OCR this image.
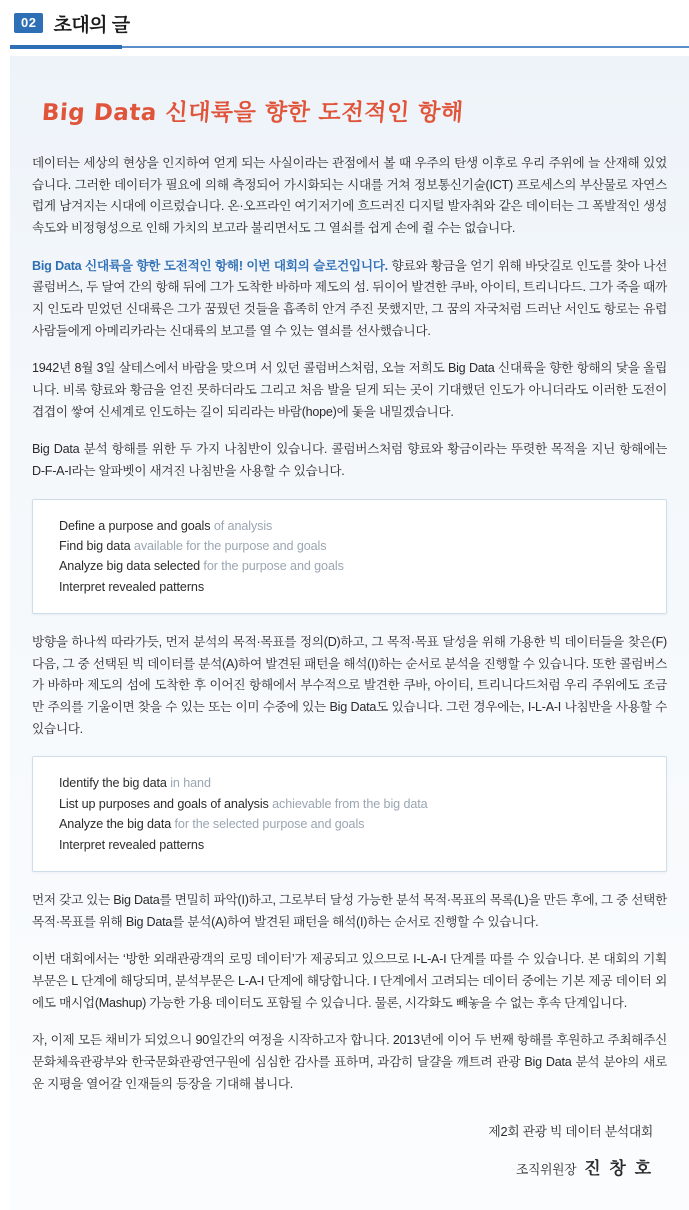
02 초대의 글
Big Data 신대륙을 향한 도전적인 항해

데이터는 세상의 현상을 인지하여 얻게 되는 사실이라는 관점에서 볼 때 우주의 탄생 이후로 우리 주위에 늘 산재해 있었습니다. 그러한 데이터가 필요에 의해 측정되어 가시화되는 시대를 거쳐 정보통신기술(ICT) 프로세스의 부산물로 자연스럽게 남겨지는 시대에 이르렀습니다. 온·오프라인 여기저기에 흐드러진 디지털 발자취와 같은 데이터는 그 폭발적인 생성 속도와 비정형성으로 인해 가치의 보고라 불리면서도 그 열쇠를 쉽게 손에 쥘 수는 없습니다.

Big Data 신대륙을 향한 도전적인 항해! 이번 대회의 슬로건입니다. 향료와 황금을 얻기 위해 바닷길로 인도를 찾아 나선 콜럼버스, 두 달여 간의 항해 뒤에 그가 도착한 바하마 제도의 섬. 뒤이어 발견한 쿠바, 아이티, 트리니다드. 그가 죽을 때까지 인도라 믿었던 신대륙은 그가 꿈꿨던 것들을 흡족히 안겨 주진 못했지만, 그 꿈의 자국처럼 드러난 서인도 항로는 유럽 사람들에게 아메리카라는 신대륙의 보고를 열 수 있는 열쇠를 선사했습니다.

1942년 8월 3일 살테스에서 바람을 맞으며 서 있던 콜럼버스처럼, 오늘 저희도 Big Data 신대륙을 향한 항해의 닻을 올립니다. 비록 향료와 황금을 얻진 못하더라도 그리고 처음 발을 딛게 되는 곳이 기대했던 인도가 아니더라도 이러한 도전이 겹겹이 쌓여 신세계로 인도하는 길이 되리라는 바람(hope)에 돛을 내밀겠습니다.

Big Data 분석 항해를 위한 두 가지 나침반이 있습니다. 콜럼버스처럼 향료와 황금이라는 뚜렷한 목적을 지닌 항해에는 D-F-A-I라는 알파벳이 새겨진 나침반을 사용할 수 있습니다.

Define a purpose and goals of analysis
Find big data available for the purpose and goals
Analyze big data selected for the purpose and goals
Interpret revealed patterns

방향을 하나씩 따라가듯, 먼저 분석의 목적·목표를 정의(D)하고, 그 목적·목표 달성을 위해 가용한 빅 데이터들을 찾은(F) 다음, 그 중 선택된 빅 데이터를 분석(A)하여 발견된 패턴을 해석(I)하는 순서로 분석을 진행할 수 있습니다. 또한 콜럼버스가 바하마 제도의 섬에 도착한 후 이어진 항해에서 부수적으로 발견한 쿠바, 아이티, 트리니다드처럼 우리 주위에도 조금만 주의를 기울이면 찾을 수 있는 또는 이미 수중에 있는 Big Data도 있습니다. 그런 경우에는, I-L-A-I 나침반을 사용할 수 있습니다.

Identify the big data in hand
List up purposes and goals of analysis achievable from the big data
Analyze the big data for the selected purpose and goals
Interpret revealed patterns

먼저 갖고 있는 Big Data를 면밀히 파악(I)하고, 그로부터 달성 가능한 분석 목적·목표의 목록(L)을 만든 후에, 그 중 선택한 목적·목표를 위해 Big Data를 분석(A)하여 발견된 패턴을 해석(I)하는 순서로 진행할 수 있습니다.

이번 대회에서는 ‘방한 외래관광객의 로밍 데이터’가 제공되고 있으므로 I-L-A-I 단계를 따를 수 있습니다. 본 대회의 기획부문은 L 단계에 해당되며, 분석부문은 L-A-I 단계에 해당합니다. I 단계에서 고려되는 데이터 중에는 기본 제공 데이터 외에도 매시업(Mashup) 가능한 가용 데이터도 포함될 수 있습니다. 물론, 시각화도 빼놓을 수 없는 후속 단계입니다.

자, 이제 모든 채비가 되었으니 90일간의 여정을 시작하고자 합니다. 2013년에 이어 두 번째 항해를 후원하고 주최해주신 문화체육관광부와 한국문화관광연구원에 심심한 감사를 표하며, 과감히 달걀을 깨트려 관광 Big Data 분석 분야의 새로운 지평을 열어갈 인재들의 등장을 기대해 봅니다.

제2회 관광 빅 데이터 분석대회
조직위원장 진 창 호
